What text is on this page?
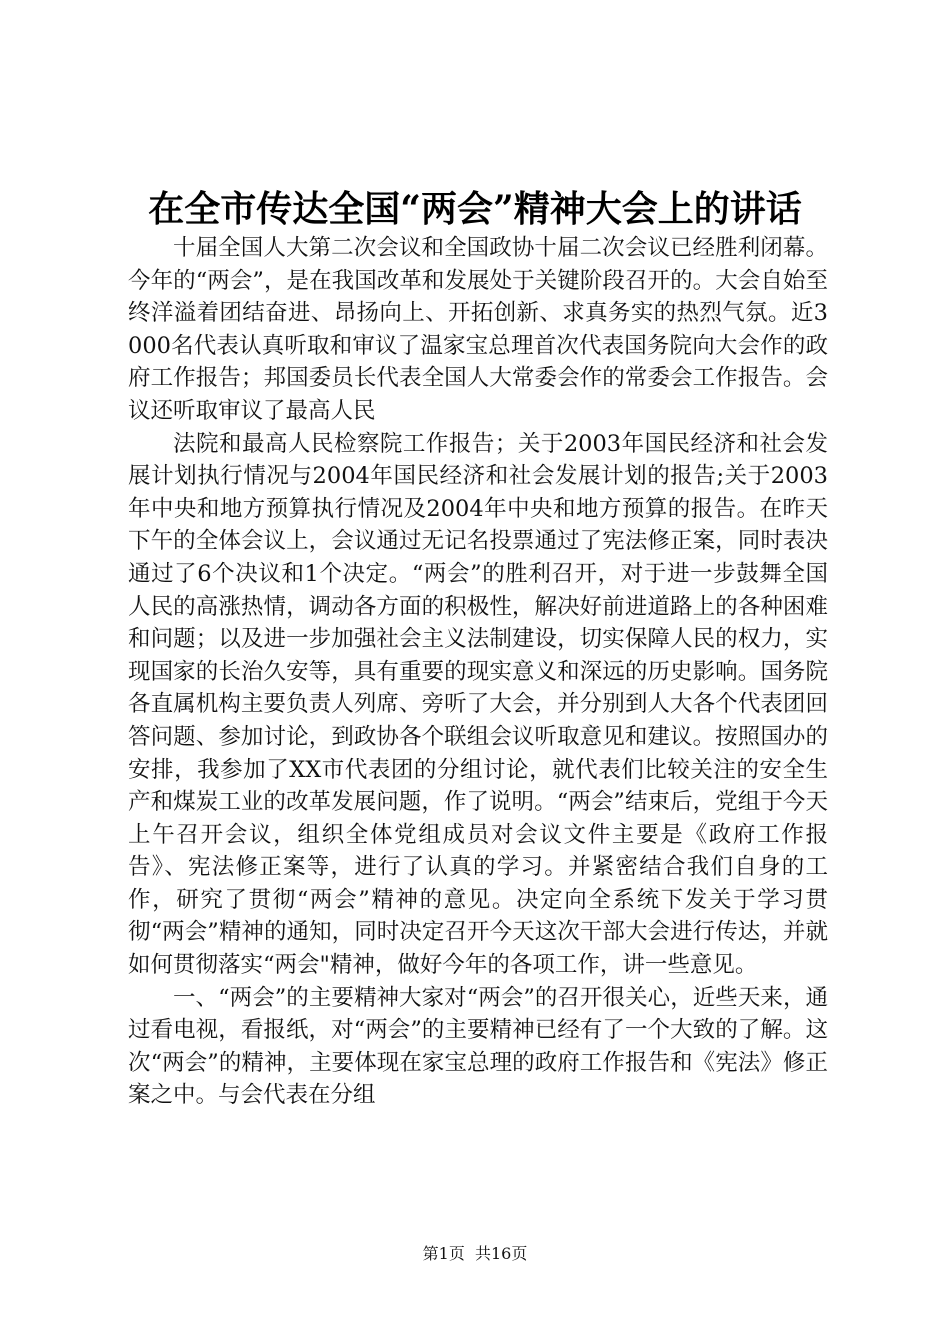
在全市传达全国“两会”精神大会上的讲话

十届全国人大第二次会议和全国政协十届二次会议已经胜利闭幕。今年的“两会”，是在我国改革和发展处于关键阶段召开的。大会自始至终洋溢着团结奋进、昂扬向上、开拓创新、求真务实的热烈气氛。近3000名代表认真听取和审议了温家宝总理首次代表国务院向大会作的政府工作报告；邦国委员长代表全国人大常委会作的常委会工作报告。会议还听取审议了最高人民

法院和最高人民检察院工作报告；关于2003年国民经济和社会发展计划执行情况与2004年国民经济和社会发展计划的报告;关于2003年中央和地方预算执行情况及2004年中央和地方预算的报告。在昨天下午的全体会议上，会议通过无记名投票通过了宪法修正案，同时表决通过了6个决议和1个决定。“两会”的胜利召开，对于进一步鼓舞全国人民的高涨热情，调动各方面的积极性，解决好前进道路上的各种困难和问题；以及进一步加强社会主义法制建设，切实保障人民的权力，实现国家的长治久安等，具有重要的现实意义和深远的历史影响。国务院各直属机构主要负责人列席、旁听了大会，并分别到人大各个代表团回答问题、参加讨论，到政协各个联组会议听取意见和建议。按照国办的安排，我参加了XX市代表团的分组讨论，就代表们比较关注的安全生产和煤炭工业的改革发展问题，作了说明。“两会”结束后，党组于今天上午召开会议，组织全体党组成员对会议文件主要是《政府工作报告》、宪法修正案等，进行了认真的学习。并紧密结合我们自身的工作，研究了贯彻“两会”精神的意见。决定向全系统下发关于学习贯彻“两会”精神的通知，同时决定召开今天这次干部大会进行传达，并就如何贯彻落实“两会"精神，做好今年的各项工作，讲一些意见。

一、“两会”的主要精神大家对“两会”的召开很关心，近些天来，通过看电视，看报纸，对“两会”的主要精神已经有了一个大致的了解。这次“两会”的精神，主要体现在家宝总理的政府工作报告和《宪法》修正案之中。与会代表在分组

第1页  共16页
